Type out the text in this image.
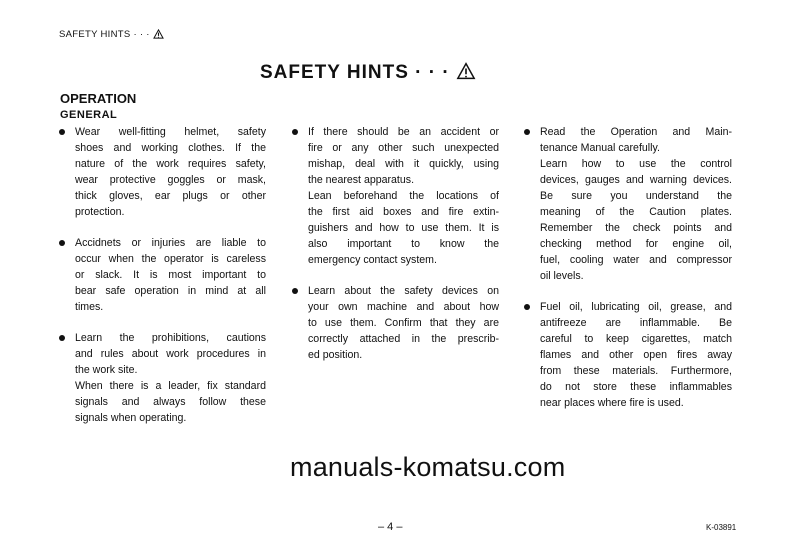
SAFETY HINTS · · ·
SAFETY HINTS · · ·
OPERATION
GENERAL
Wear well-fitting helmet, safety
shoes and working clothes. If the
nature of the work requires safety,
wear protective goggles or mask,
thick gloves, ear plugs or other
protection.
Accidnets or injuries are liable to
occur when the operator is careless
or slack. It is most important to
bear safe operation in mind at all
times.
Learn the prohibitions, cautions
and rules about work procedures in
the work site.
When there is a leader, fix standard
signals and always follow these
signals when operating.
If there should be an accident or
fire or any other such unexpected
mishap, deal with it quickly, using
the nearest apparatus.
Lean beforehand the locations of
the first aid boxes and fire extin-
guishers and how to use them. It is
also important to know the
emergency contact system.
Learn about the safety devices on
your own machine and about how
to use them. Confirm that they are
correctly attached in the prescrib-
ed position.
Read the Operation and Main-
tenance Manual carefully.
Learn how to use the control
devices, gauges and warning devices.
Be sure you understand the
meaning of the Caution plates.
Remember the check points and
checking method for engine oil,
fuel, cooling water and compressor
oil levels.
Fuel oil, lubricating oil, grease, and
antifreeze are inflammable. Be
careful to keep cigarettes, match
flames and other open fires away
from these materials. Furthermore,
do not store these inflammables
near places where fire is used.
manuals-komatsu.com
– 4 –	K-03891
